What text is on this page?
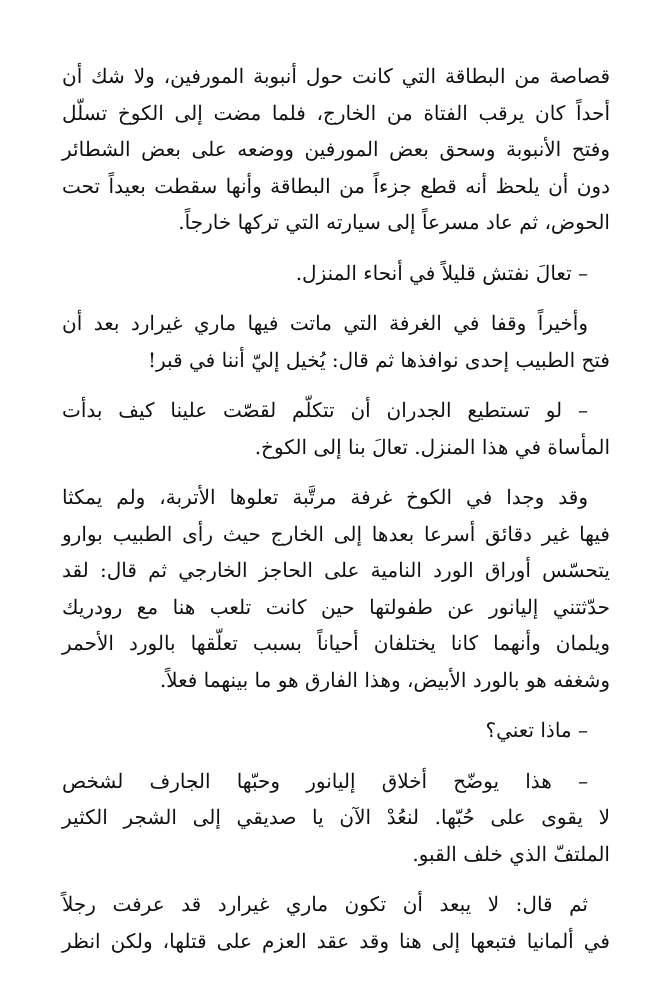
قصاصة من البطاقة التي كانت حول أنبوبة المورفين، ولا شك أن
أحداً كان يرقب الفتاة من الخارج، فلما مضت إلى الكوخ تسلّل
وفتح الأنبوبة وسحق بعض المورفين ووضعه على بعض الشطائر
دون أن يلحظ أنه قطع جزءاً من البطاقة وأنها سقطت بعيداً تحت
الحوض، ثم عاد مسرعاً إلى سيارته التي تركها خارجاً.

– تعالَ نفتش قليلاً في أنحاء المنزل.

وأخيراً وقفا في الغرفة التي ماتت فيها ماري غيرارد بعد أن
فتح الطبيب إحدى نوافذها ثم قال: يُخيل إليّ أننا في قبر!

– لو تستطيع الجدران أن تتكلّم لقصّت علينا كيف بدأت
المأساة في هذا المنزل. تعالَ بنا إلى الكوخ.

وقد وجدا في الكوخ غرفة مرتَّبة تعلوها الأتربة، ولم يمكثا
فيها غير دقائق أسرعا بعدها إلى الخارج حيث رأى الطبيب بوارو
يتحسّس أوراق الورد النامية على الحاجز الخارجي ثم قال: لقد
حدّثتني إليانور عن طفولتها حين كانت تلعب هنا مع رودريك
ويلمان وأنهما كانا يختلفان أحياناً بسبب تعلّقها بالورد الأحمر
وشغفه هو بالورد الأبيض، وهذا الفارق هو ما بينهما فعلاً.

– ماذا تعني؟

– هذا يوضّح أخلاق إليانور وحبّها الجارف لشخص
لا يقوى على حُبّها. لنعُدْ الآن يا صديقي إلى الشجر الكثير
الملتفّ الذي خلف القبو.

ثم قال: لا يبعد أن تكون ماري غيرارد قد عرفت رجلاً
في ألمانيا فتبعها إلى هنا وقد عقد العزم على قتلها، ولكن انظر
